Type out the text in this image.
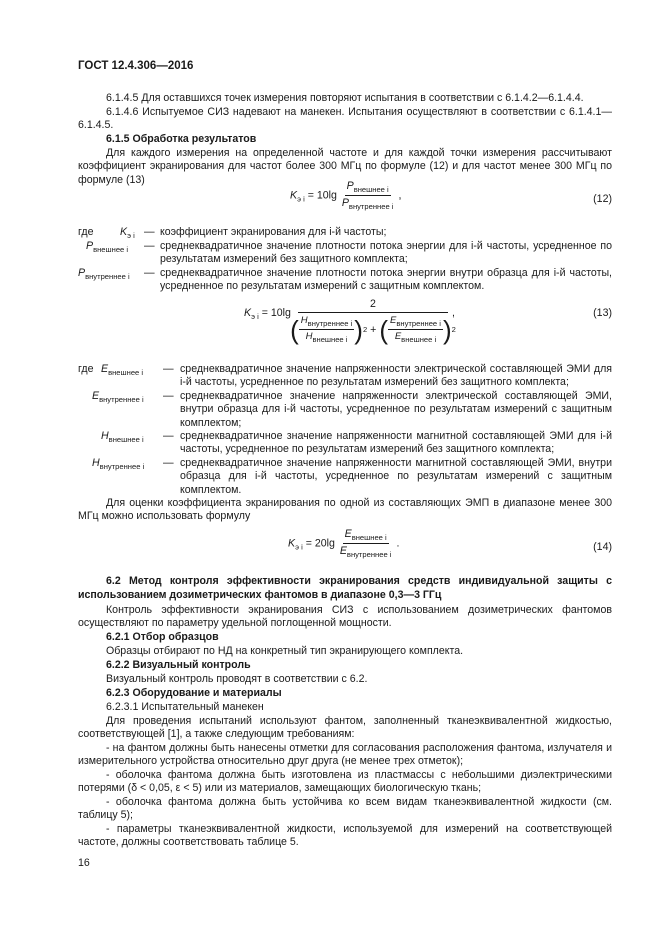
ГОСТ 12.4.306—2016
6.1.4.5 Для оставшихся точек измерения повторяют испытания в соответствии с 6.1.4.2—6.1.4.4.
6.1.4.6 Испытуемое СИЗ надевают на манекен. Испытания осуществляют в соответствии с 6.1.4.1—6.1.4.5.
6.1.5 Обработка результатов
Для каждого измерения на определенной частоте и для каждой точки измерения рассчитывают коэффициент экранирования для частот более 300 МГц по формуле (12) и для частот менее 300 МГц по формуле (13)
$K_{э i} = 10\lg \frac{P_{внешнее i}}{P_{внутреннее i}}$ ,	(12)
где	$K_{э i}$ — коэффициент экранирования для i-й частоты;
$P_{внешнее i}$ — среднеквадратичное значение плотности потока энергии для i-й частоты, усредненное по результатам измерений без защитного комплекта;
$P_{внутреннее i}$ — среднеквадратичное значение плотности потока энергии внутри образца для i-й частоты, усредненное по результатам измерений с защитным комплектом.
$K_{э i} = 10\lg$
2
( $\frac{H_{внутреннее i}}{H_{внешнее i}}$ ) 2 + ( $\frac{E_{внутреннее i}}{E_{внешнее i}}$ ) 2
,	(13)
где $E_{внешнее i}$ — среднеквадратичное значение напряженности электрической составляющей ЭМИ для i-й частоты, усредненное по результатам измерений без защитного комплекта;
$E_{внутреннее i}$ — среднеквадратичное значение напряженности электрической составляющей ЭМИ, внутри образца для i-й частоты, усредненное по результатам измерений с защитным комплектом;
$H_{внешнее i}$ — среднеквадратичное значение напряженности магнитной составляющей ЭМИ для i-й частоты, усредненное по результатам измерений без защитного комплекта;
$H_{внутреннее i}$ — среднеквадратичное значение напряженности магнитной составляющей ЭМИ, внутри образца для i-й частоты, усредненное по результатам измерений с защитным комплектом.
Для оценки коэффициента экранирования по одной из составляющих ЭМП в диапазоне менее 300 МГц можно использовать формулу
$K_{э i} = 20\lg \frac{E_{внешнее i}}{E_{внутреннее i}}$ .	(14)
6.2 Метод контроля эффективности экранирования средств индивидуальной защиты с использованием дозиметрических фантомов в диапазоне 0,3—3 ГГц
Контроль эффективности экранирования СИЗ с использованием дозиметрических фантомов осуществляют по параметру удельной поглощенной мощности.
6.2.1 Отбор образцов
Образцы отбирают по НД на конкретный тип экранирующего комплекта.
6.2.2 Визуальный контроль
Визуальный контроль проводят в соответствии с 6.2.
6.2.3 Оборудование и материалы
6.2.3.1 Испытательный манекен
Для проведения испытаний используют фантом, заполненный тканеэквивалентной жидкостью, соответствующей [1], а также следующим требованиям:
- на фантом должны быть нанесены отметки для согласования расположения фантома, излучателя и измерительного устройства относительно друг друга (не менее трех отметок);
- оболочка фантома должна быть изготовлена из пластмассы с небольшими диэлектрическими потерями (δ < 0,05, ε < 5) или из материалов, замещающих биологическую ткань;
- оболочка фантома должна быть устойчива ко всем видам тканеэквивалентной жидкости (см. таблицу 5);
- параметры тканеэквивалентной жидкости, используемой для измерений на соответствующей частоте, должны соответствовать таблице 5.
16
